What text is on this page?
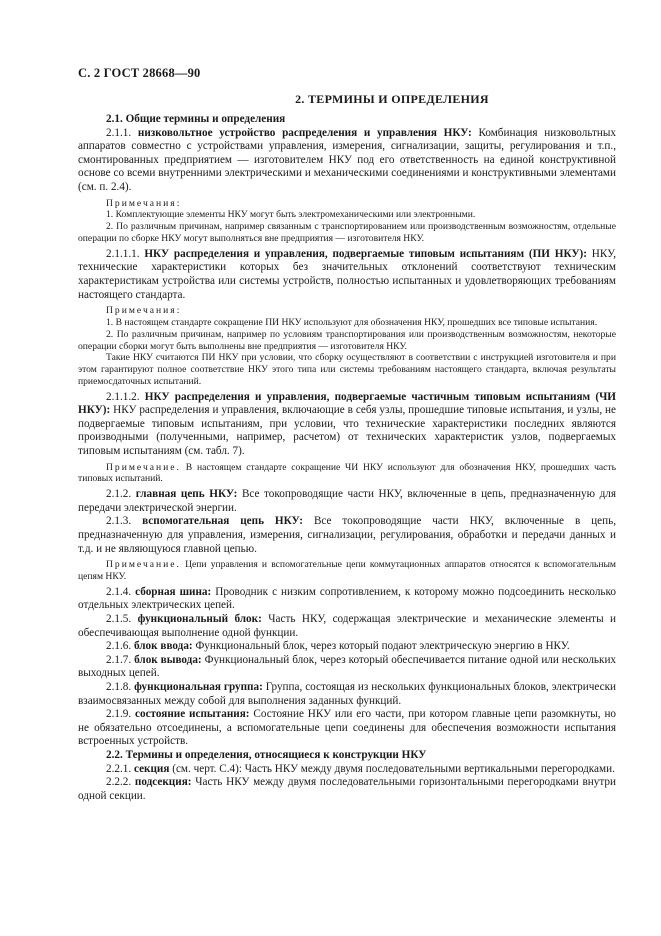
С. 2 ГОСТ 28668—90
2. ТЕРМИНЫ И ОПРЕДЕЛЕНИЯ
2.1. Общие термины и определения

2.1.1. низковольтное устройство распределения и управления НКУ: Комбинация низковольтных аппаратов совместно с устройствами управления, измерения, сигнализации, защиты, регулирования и т.п., смонтированных предприятием — изготовителем НКУ под его ответственность на единой конструктивной основе со всеми внутренними электрическими и механическими соединениями и конструктивными элементами (см. п. 2.4).

Примечания:

1. Комплектующие элементы НКУ могут быть электромеханическими или электронными.

2. По различным причинам, например связанным с транспортированием или производственным возможностям, отдельные операции по сборке НКУ могут выполняться вне предприятия — изготовителя НКУ.

2.1.1.1. НКУ распределения и управления, подвергаемые типовым испытаниям (ПИ НКУ): НКУ, технические характеристики которых без значительных отклонений соответствуют техническим характеристикам устройства или системы устройств, полностью испытанных и удовлетворяющих требованиям настоящего стандарта.

Примечания:

1. В настоящем стандарте сокращение ПИ НКУ используют для обозначения НКУ, прошедших все типовые испытания.

2. По различным причинам, например по условиям транспортирования или производственным возможностям, некоторые операции сборки могут быть выполнены вне предприятия — изготовителя НКУ.

Такие НКУ считаются ПИ НКУ при условии, что сборку осуществляют в соответствии с инструкцией изготовителя и при этом гарантируют полное соответствие НКУ этого типа или системы требованиям настоящего стандарта, включая результаты приемосдаточных испытаний.

2.1.1.2. НКУ распределения и управления, подвергаемые частичным типовым испытаниям (ЧИ НКУ): НКУ распределения и управления, включающие в себя узлы, прошедшие типовые испытания, и узлы, не подвергаемые типовым испытаниям, при условии, что технические характеристики последних являются производными (полученными, например, расчетом) от технических характеристик узлов, подвергаемых типовым испытаниям (см. табл. 7).

Примечание. В настоящем стандарте сокращение ЧИ НКУ используют для обозначения НКУ, прошедших часть типовых испытаний.

2.1.2. главная цепь НКУ: Все токопроводящие части НКУ, включенные в цепь, предназначенную для передачи электрической энергии.

2.1.3. вспомогательная цепь НКУ: Все токопроводящие части НКУ, включенные в цепь, предназначенную для управления, измерения, сигнализации, регулирования, обработки и передачи данных и т.д. и не являющуюся главной цепью.

Примечание. Цепи управления и вспомогательные цепи коммутационных аппаратов относятся к вспомогательным цепям НКУ.

2.1.4. сборная шина: Проводник с низким сопротивлением, к которому можно подсоединить несколько отдельных электрических цепей.

2.1.5. функциональный блок: Часть НКУ, содержащая электрические и механические элементы и обеспечивающая выполнение одной функции.

2.1.6. блок ввода: Функциональный блок, через который подают электрическую энергию в НКУ.

2.1.7. блок вывода: Функциональный блок, через который обеспечивается питание одной или нескольких выходных цепей.

2.1.8. функциональная группа: Группа, состоящая из нескольких функциональных блоков, электрически взаимосвязанных между собой для выполнения заданных функций.

2.1.9. состояние испытания: Состояние НКУ или его части, при котором главные цепи разомкнуты, но не обязательно отсоединены, а вспомогательные цепи соединены для обеспечения возможности испытания встроенных устройств.

2.2. Термины и определения, относящиеся к конструкции НКУ

2.2.1. секция (см. черт. С.4): Часть НКУ между двумя последовательными вертикальными перегородками.

2.2.2. подсекция: Часть НКУ между двумя последовательными горизонтальными перегородками внутри одной секции.
